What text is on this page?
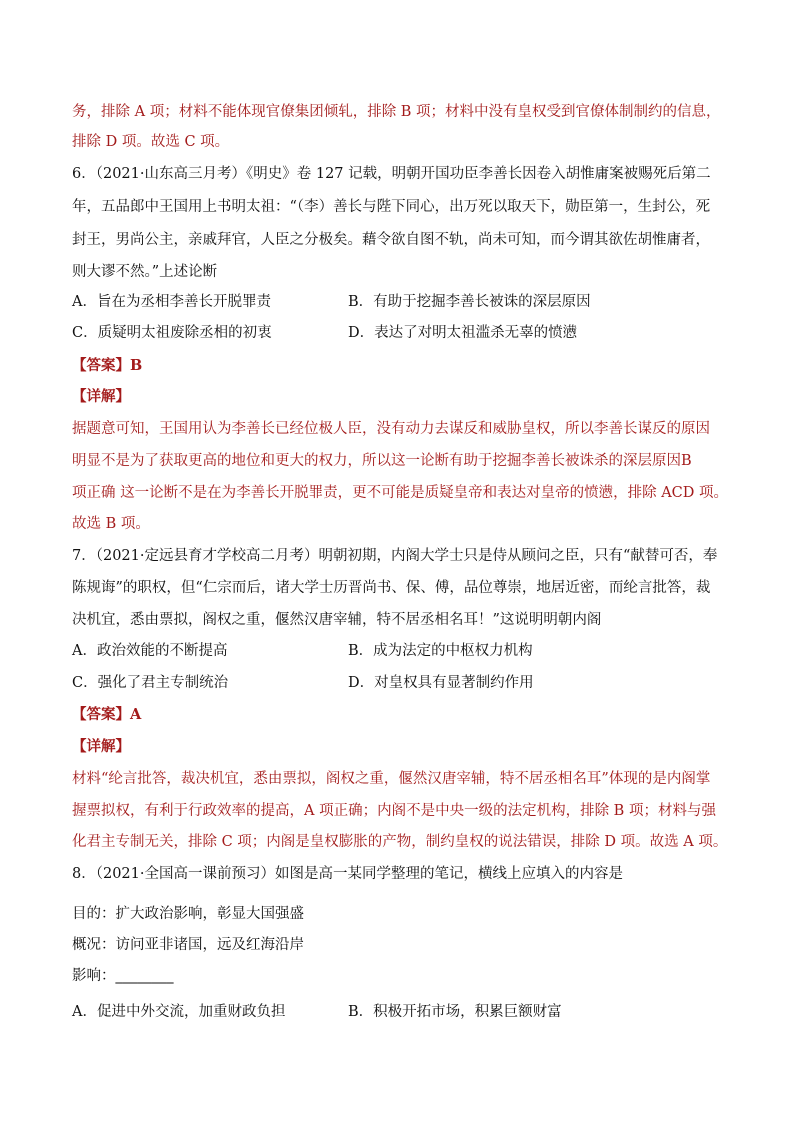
务，排除 A 项；材料不能体现官僚集团倾轧，排除 B 项；材料中没有皇权受到官僚体制制约的信息，
排除 D 项。故选 C 项。
6．（2021·山东高三月考）《明史》卷 127 记载，明朝开国功臣李善长因卷入胡惟庸案被赐死后第二
年，五品郎中王国用上书明太祖：“（李）善长与陛下同心，出万死以取天下，勋臣第一，生封公，死
封王，男尚公主，亲戚拜官，人臣之分极矣。藉令欲自图不轨，尚未可知，而今谓其欲佐胡惟庸者，
则大谬不然。”上述论断
A．旨在为丞相李善长开脱罪责	B．有助于挖掘李善长被诛的深层原因
C．质疑明太祖废除丞相的初衷	D．表达了对明太祖滥杀无辜的愤懑
【答案】B
【详解】
据题意可知，王国用认为李善长已经位极人臣，没有动力去谋反和威胁皇权，所以李善长谋反的原因
明显不是为了获取更高的地位和更大的权力，所以这一论断有助于挖掘李善长被诛杀的深层原因B
项正确 这一论断不是在为李善长开脱罪责，更不可能是质疑皇帝和表达对皇帝的愤懑，排除 ACD 项。
故选 B 项。
7．（2021·定远县育才学校高二月考）明朝初期，内阁大学士只是侍从顾问之臣，只有“献替可否，奉
陈规诲”的职权，但“仁宗而后，诸大学士历晋尚书、保、傅，品位尊崇，地居近密，而纶言批答，裁
决机宜，悉由票拟，阁权之重，偃然汉唐宰辅，特不居丞相名耳！”这说明明朝内阁
A．政治效能的不断提高	B．成为法定的中枢权力机构
C．强化了君主专制统治	D．对皇权具有显著制约作用
【答案】A
【详解】
材料“纶言批答，裁决机宜，悉由票拟，阁权之重，偃然汉唐宰辅，特不居丞相名耳”体现的是内阁掌
握票拟权，有利于行政效率的提高，A 项正确；内阁不是中央一级的法定机构，排除 B 项；材料与强
化君主专制无关，排除 C 项；内阁是皇权膨胀的产物，制约皇权的说法错误，排除 D 项。故选 A 项。
8．（2021·全国高一课前预习）如图是高一某同学整理的笔记，横线上应填入的内容是
目的：扩大政治影响，彰显大国强盛
概况：访问亚非诸国，远及红海沿岸
影响：________
A．促进中外交流，加重财政负担	B．积极开拓市场，积累巨额财富
